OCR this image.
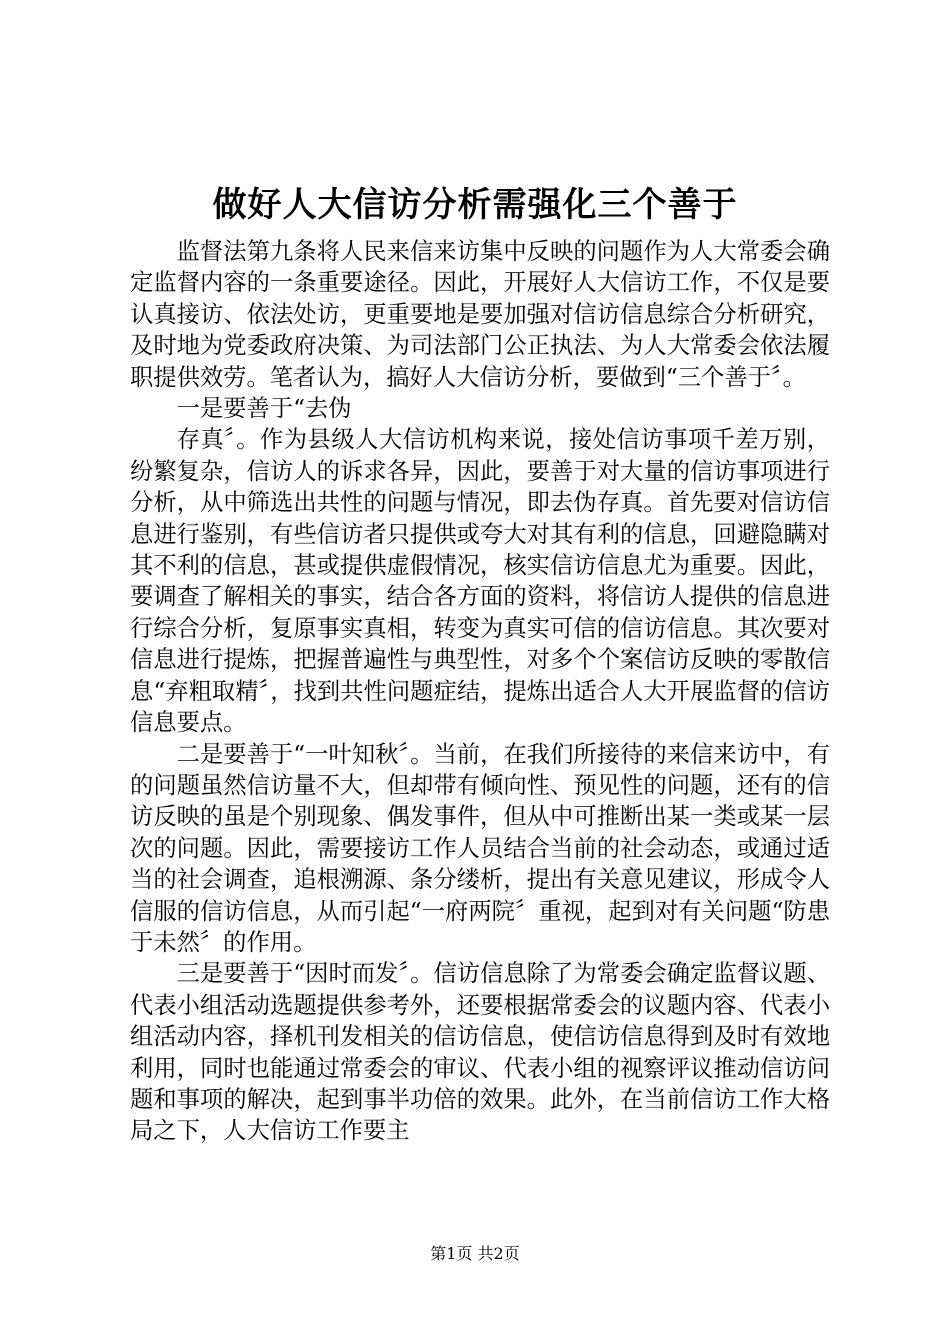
做好人大信访分析需强化三个善于

监督法第九条将人民来信来访集中反映的问题作为人大常委会确定监督内容的一条重要途径。因此，开展好人大信访工作，不仅是要认真接访、依法处访，更重要地是要加强对信访信息综合分析研究，及时地为党委政府决策、为司法部门公正执法、为人大常委会依法履职提供效劳。笔者认为，搞好人大信访分析，要做到“三个善于〞。

一是要善于“去伪

存真〞。作为县级人大信访机构来说，接处信访事项千差万别，纷繁复杂，信访人的诉求各异，因此，要善于对大量的信访事项进行分析，从中筛选出共性的问题与情况，即去伪存真。首先要对信访信息进行鉴别，有些信访者只提供或夸大对其有利的信息，回避隐瞒对其不利的信息，甚或提供虚假情况，核实信访信息尤为重要。因此，要调查了解相关的事实，结合各方面的资料，将信访人提供的信息进行综合分析，复原事实真相，转变为真实可信的信访信息。其次要对信息进行提炼，把握普遍性与典型性，对多个个案信访反映的零散信息“弃粗取精〞，找到共性问题症结，提炼出适合人大开展监督的信访信息要点。

二是要善于“一叶知秋〞。当前，在我们所接待的来信来访中，有的问题虽然信访量不大，但却带有倾向性、预见性的问题，还有的信访反映的虽是个别现象、偶发事件，但从中可推断出某一类或某一层次的问题。因此，需要接访工作人员结合当前的社会动态，或通过适当的社会调查，追根溯源、条分缕析，提出有关意见建议，形成令人信服的信访信息，从而引起“一府两院〞重视，起到对有关问题“防患于未然〞的作用。

三是要善于“因时而发〞。信访信息除了为常委会确定监督议题、代表小组活动选题提供参考外，还要根据常委会的议题内容、代表小组活动内容，择机刊发相关的信访信息，使信访信息得到及时有效地利用，同时也能通过常委会的审议、代表小组的视察评议推动信访问题和事项的解决，起到事半功倍的效果。此外，在当前信访工作大格局之下，人大信访工作要主

第1页 共2页
